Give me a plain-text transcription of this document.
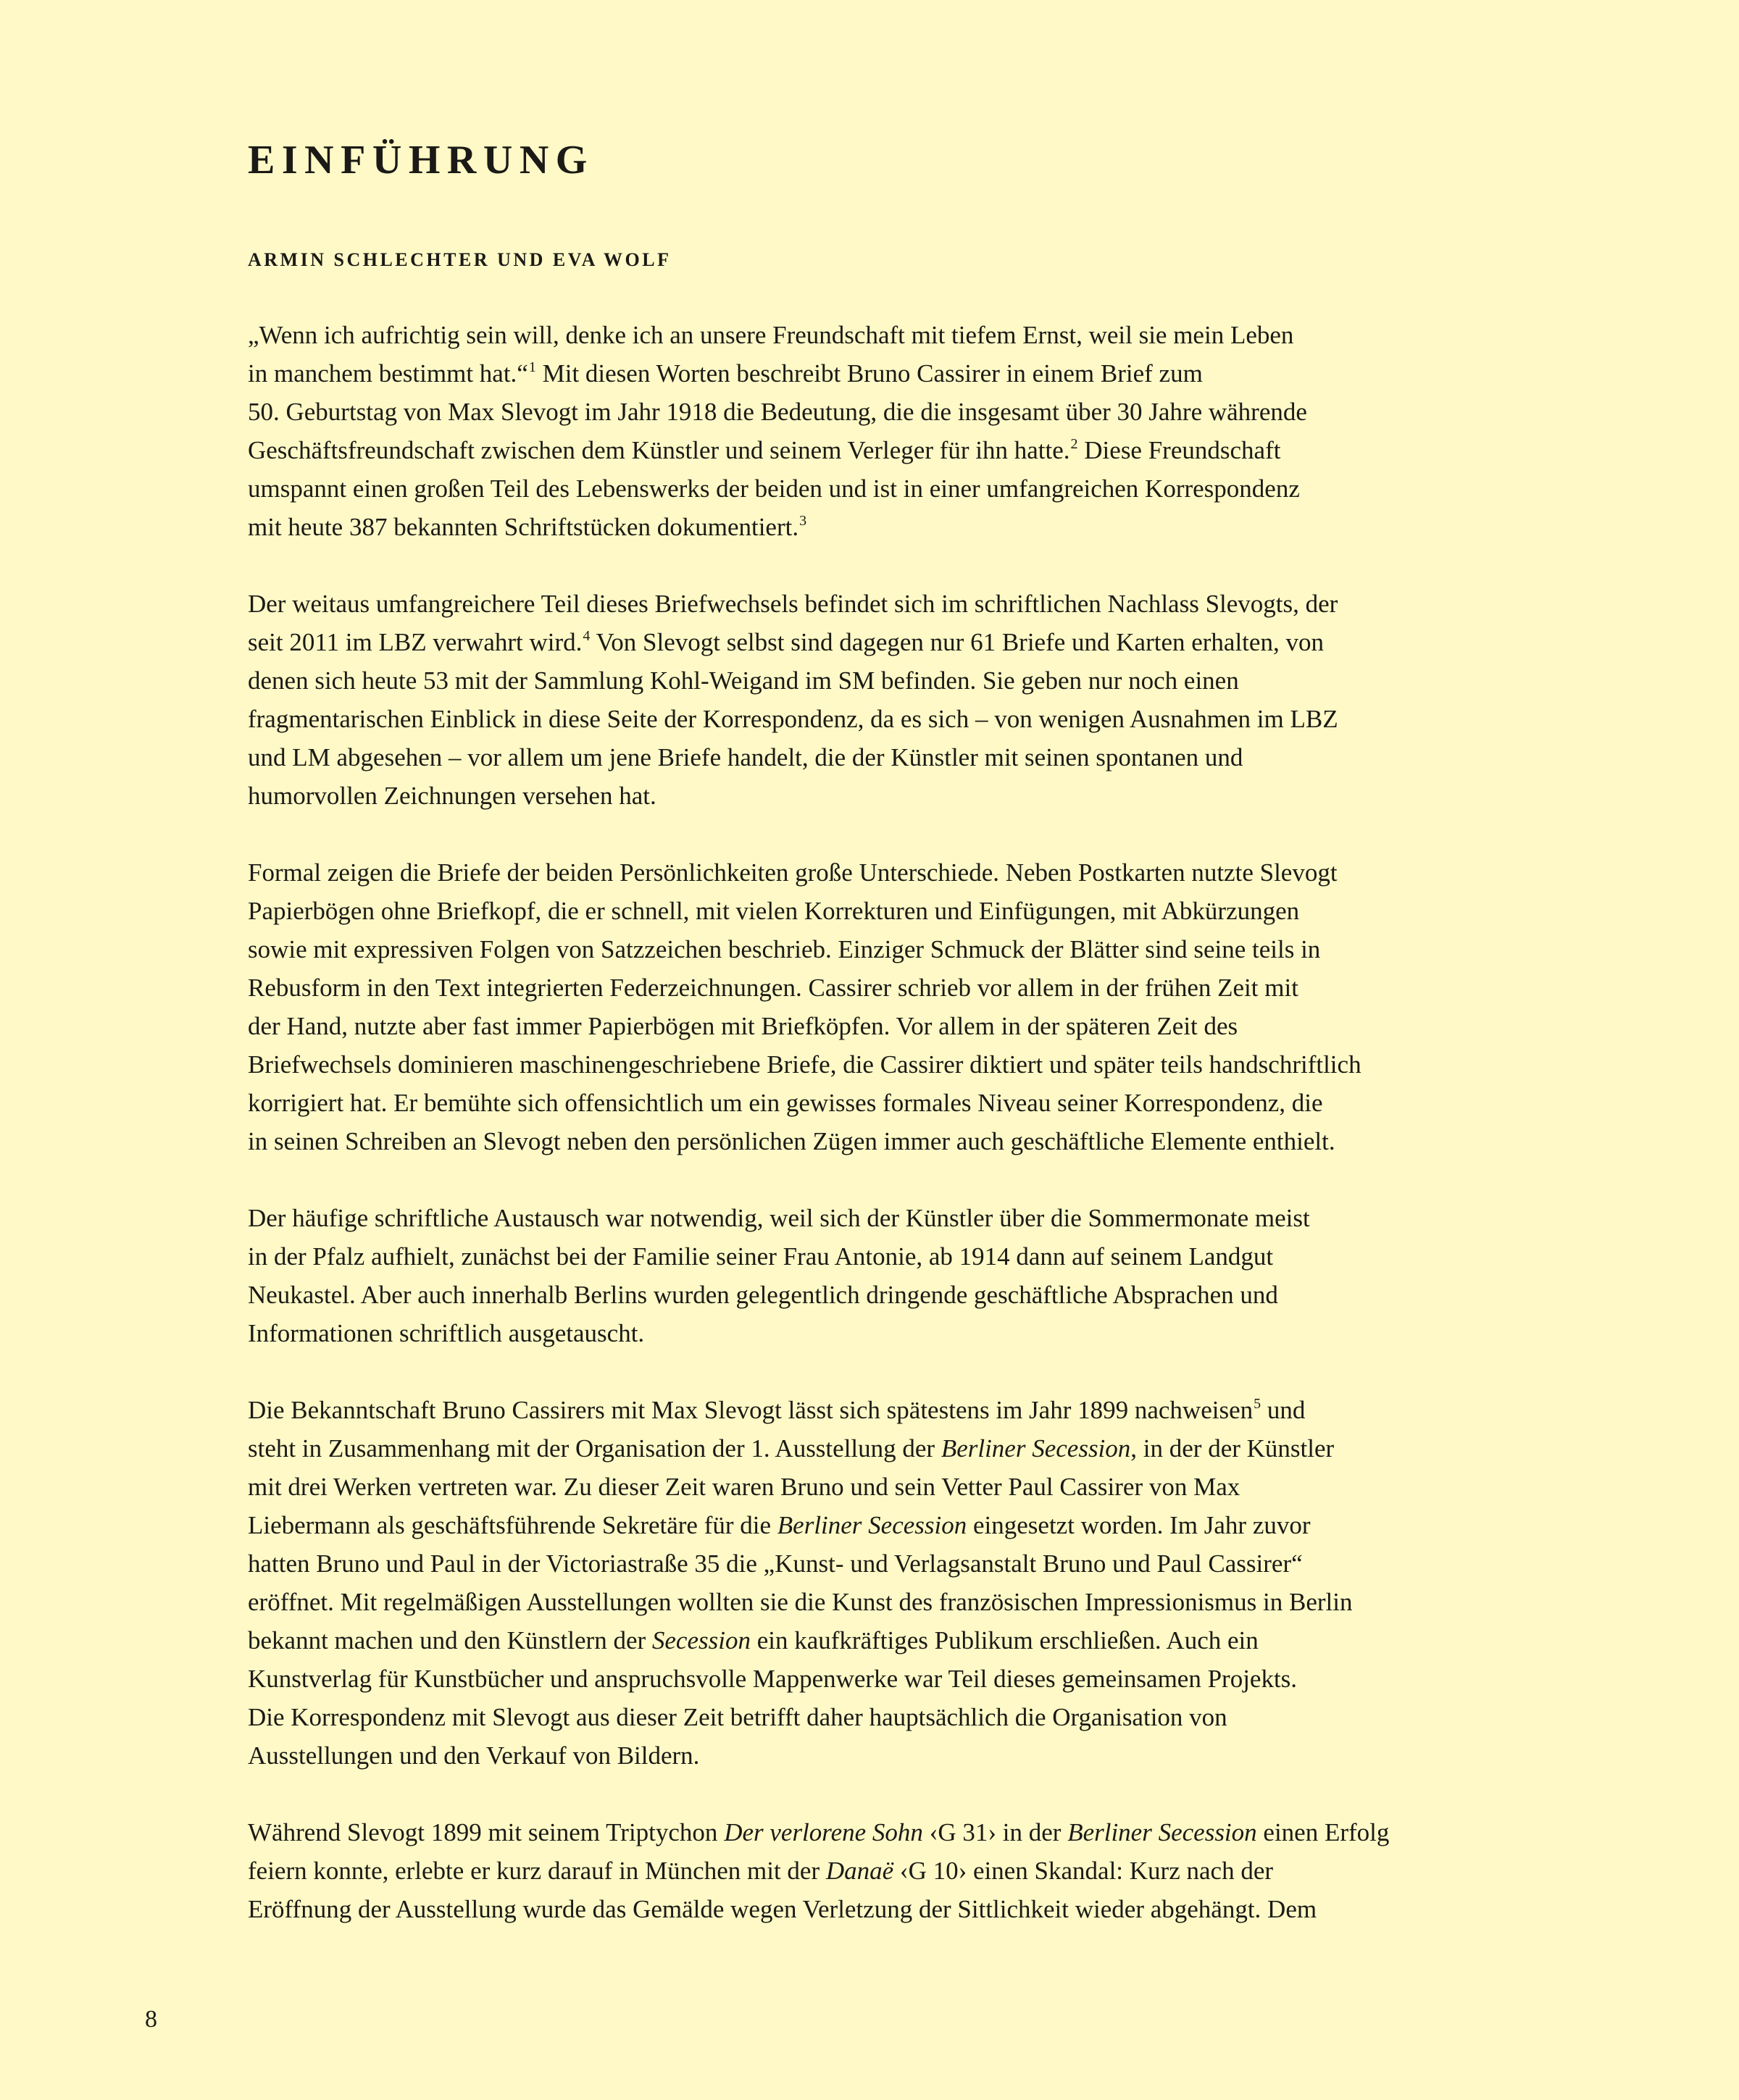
EINFÜHRUNG
ARMIN SCHLECHTER UND EVA WOLF
„Wenn ich aufrichtig sein will, denke ich an unsere Freundschaft mit tiefem Ernst, weil sie mein Leben
in manchem bestimmt hat.“$^1$ Mit diesen Worten beschreibt Bruno Cassirer in einem Brief zum
50. Geburtstag von Max Slevogt im Jahr 1918 die Bedeutung, die die insgesamt über 30 Jahre währende
Geschäftsfreundschaft zwischen dem Künstler und seinem Verleger für ihn hatte.$^2$ Diese Freundschaft
umspannt einen großen Teil des Lebenswerks der beiden und ist in einer umfangreichen Korrespondenz
mit heute 387 bekannten Schriftstücken dokumentiert.$^3$
Der weitaus umfangreichere Teil dieses Briefwechsels befindet sich im schriftlichen Nachlass Slevogts, der
seit 2011 im LBZ verwahrt wird.$^4$ Von Slevogt selbst sind dagegen nur 61 Briefe und Karten erhalten, von
denen sich heute 53 mit der Sammlung Kohl-Weigand im SM befinden. Sie geben nur noch einen
fragmentarischen Einblick in diese Seite der Korrespondenz, da es sich – von wenigen Ausnahmen im LBZ
und LM abgesehen – vor allem um jene Briefe handelt, die der Künstler mit seinen spontanen und
humorvollen Zeichnungen versehen hat.
Formal zeigen die Briefe der beiden Persönlichkeiten große Unterschiede. Neben Postkarten nutzte Slevogt
Papierbögen ohne Briefkopf, die er schnell, mit vielen Korrekturen und Einfügungen, mit Abkürzungen
sowie mit expressiven Folgen von Satzzeichen beschrieb. Einziger Schmuck der Blätter sind seine teils in
Rebusform in den Text integrierten Federzeichnungen. Cassirer schrieb vor allem in der frühen Zeit mit
der Hand, nutzte aber fast immer Papierbögen mit Briefköpfen. Vor allem in der späteren Zeit des
Briefwechsels dominieren maschinengeschriebene Briefe, die Cassirer diktiert und später teils handschriftlich
korrigiert hat. Er bemühte sich offensichtlich um ein gewisses formales Niveau seiner Korrespondenz, die
in seinen Schreiben an Slevogt neben den persönlichen Zügen immer auch geschäftliche Elemente enthielt.
Der häufige schriftliche Austausch war notwendig, weil sich der Künstler über die Sommermonate meist
in der Pfalz aufhielt, zunächst bei der Familie seiner Frau Antonie, ab 1914 dann auf seinem Landgut
Neukastel. Aber auch innerhalb Berlins wurden gelegentlich dringende geschäftliche Absprachen und
Informationen schriftlich ausgetauscht.
Die Bekanntschaft Bruno Cassirers mit Max Slevogt lässt sich spätestens im Jahr 1899 nachweisen$^5$ und
steht in Zusammenhang mit der Organisation der 1. Ausstellung der Berliner Secession, in der der Künstler
mit drei Werken vertreten war. Zu dieser Zeit waren Bruno und sein Vetter Paul Cassirer von Max
Liebermann als geschäftsführende Sekretäre für die Berliner Secession eingesetzt worden. Im Jahr zuvor
hatten Bruno und Paul in der Victoriastraße 35 die „Kunst- und Verlagsanstalt Bruno und Paul Cassirer“
eröffnet. Mit regelmäßigen Ausstellungen wollten sie die Kunst des französischen Impressionismus in Berlin
bekannt machen und den Künstlern der Secession ein kaufkräftiges Publikum erschließen. Auch ein
Kunstverlag für Kunstbücher und anspruchsvolle Mappenwerke war Teil dieses gemeinsamen Projekts.
Die Korrespondenz mit Slevogt aus dieser Zeit betrifft daher hauptsächlich die Organisation von
Ausstellungen und den Verkauf von Bildern.
Während Slevogt 1899 mit seinem Triptychon Der verlorene Sohn ‹G 31› in der Berliner Secession einen Erfolg
feiern konnte, erlebte er kurz darauf in München mit der Danaë ‹G 10› einen Skandal: Kurz nach der
Eröffnung der Ausstellung wurde das Gemälde wegen Verletzung der Sittlichkeit wieder abgehängt. Dem
8
